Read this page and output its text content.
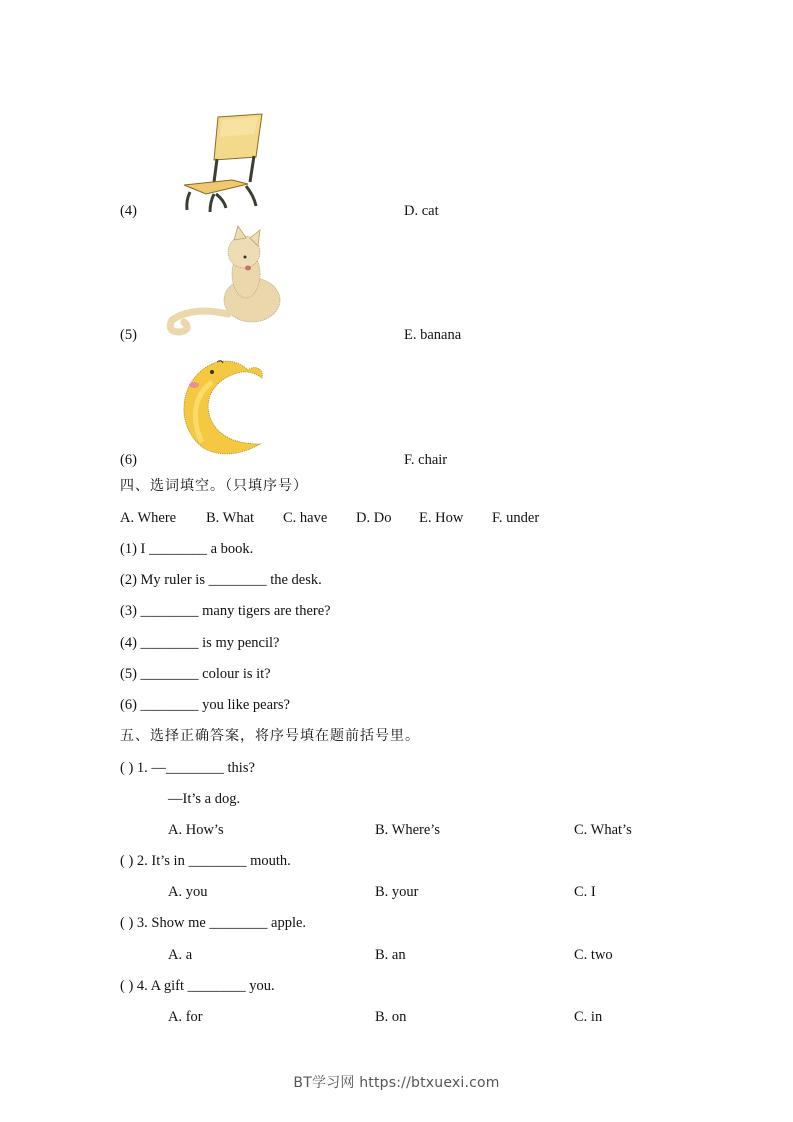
(4)	D. cat
(5)	E. banana
(6)	F. chair
四、选词填空。（只填序号）
A. Where B. What C. have D. Do E. How F. under
(1) I ________ a book.
(2) My ruler is ________ the desk.
(3) ________ many tigers are there?
(4) ________ is my pencil?
(5) ________ colour is it?
(6) ________ you like pears?
五、选择正确答案，将序号填在题前括号里。
( ) 1. —________ this?
—It’s a dog.
A. How’s	B. Where’s	C. What’s
( ) 2. It’s in ________ mouth.
A. you	B. your	C. I
( ) 3. Show me ________ apple.
A. a	B. an	C. two
( ) 4. A gift ________ you.
A. for	B. on	C. in
BT学习网 https://btxuexi.com
